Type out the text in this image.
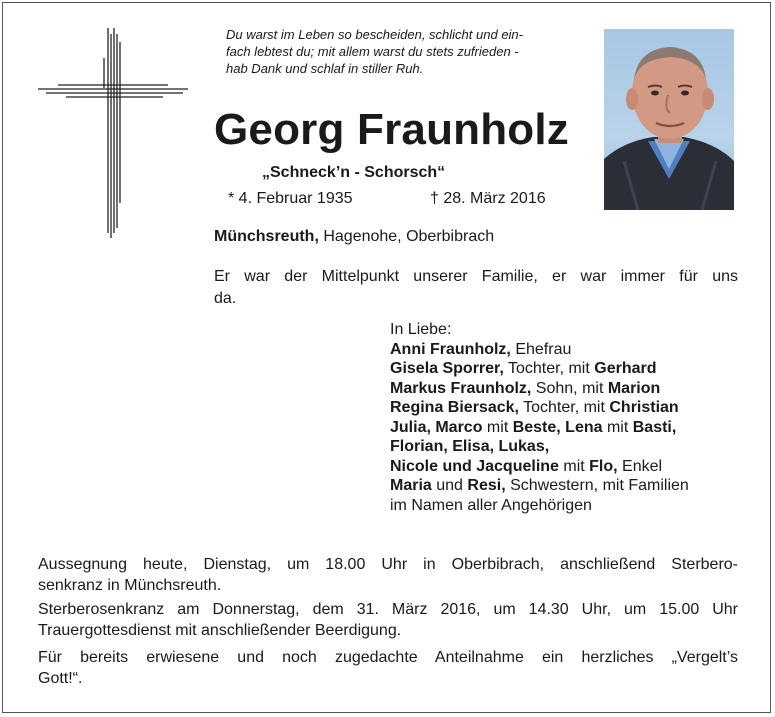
Du warst im Leben so bescheiden, schlicht und ein-
fach lebtest du; mit allem warst du stets zufrieden -
hab Dank und schlaf in stiller Ruh.
Georg Fraunholz
„Schneck’n - Schorsch“
* 4. Februar 1935	† 28. März 2016
Münchsreuth, Hagenohe, Oberbibrach

Er war der Mittelpunkt unserer Familie, er war immer für uns
da.

In Liebe:
Anni Fraunholz, Ehefrau
Gisela Sporrer, Tochter, mit Gerhard
Markus Fraunholz, Sohn, mit Marion
Regina Biersack, Tochter, mit Christian
Julia, Marco mit Beste, Lena mit Basti,
Florian, Elisa, Lukas,
Nicole und Jacqueline mit Flo, Enkel
Maria und Resi, Schwestern, mit Familien
im Namen aller Angehörigen

Aussegnung heute, Dienstag, um 18.00 Uhr in Oberbibrach, anschließend Sterbero-
senkranz in Münchsreuth.

Sterberosenkranz am Donnerstag, dem 31. März 2016, um 14.30 Uhr, um 15.00 Uhr
Trauergottesdienst mit anschließender Beerdigung.

Für bereits erwiesene und noch zugedachte Anteilnahme ein herzliches „Vergelt’s
Gott!“.
